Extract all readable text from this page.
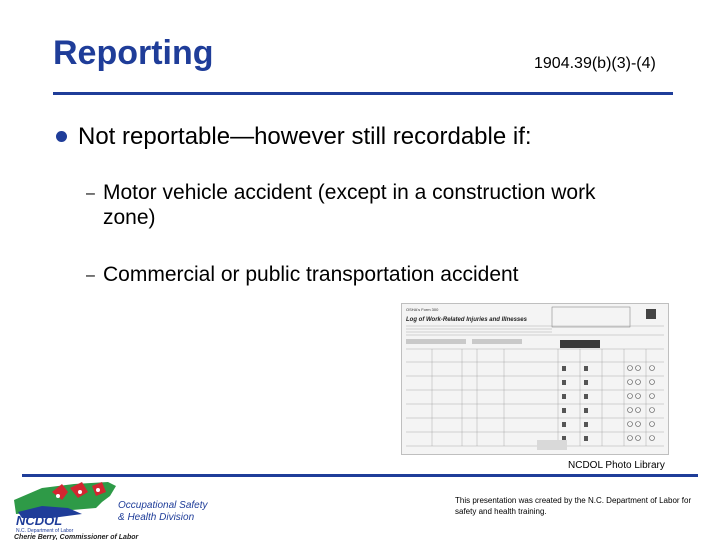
Reporting	1904.39(b)(3)-(4)
Not reportable—however still recordable if:
– Motor vehicle accident (except in a construction work zone)
– Commercial or public transportation accident
OSHA's Form 300
Log of Work-Related Injuries and Illnesses
NCDOL Photo Library
NCDOL
N.C. Department of Labor
Occupational Safety
& Health Division
Cherie Berry, Commissioner of Labor
This presentation was created by the N.C. Department of Labor for safety and health training.
